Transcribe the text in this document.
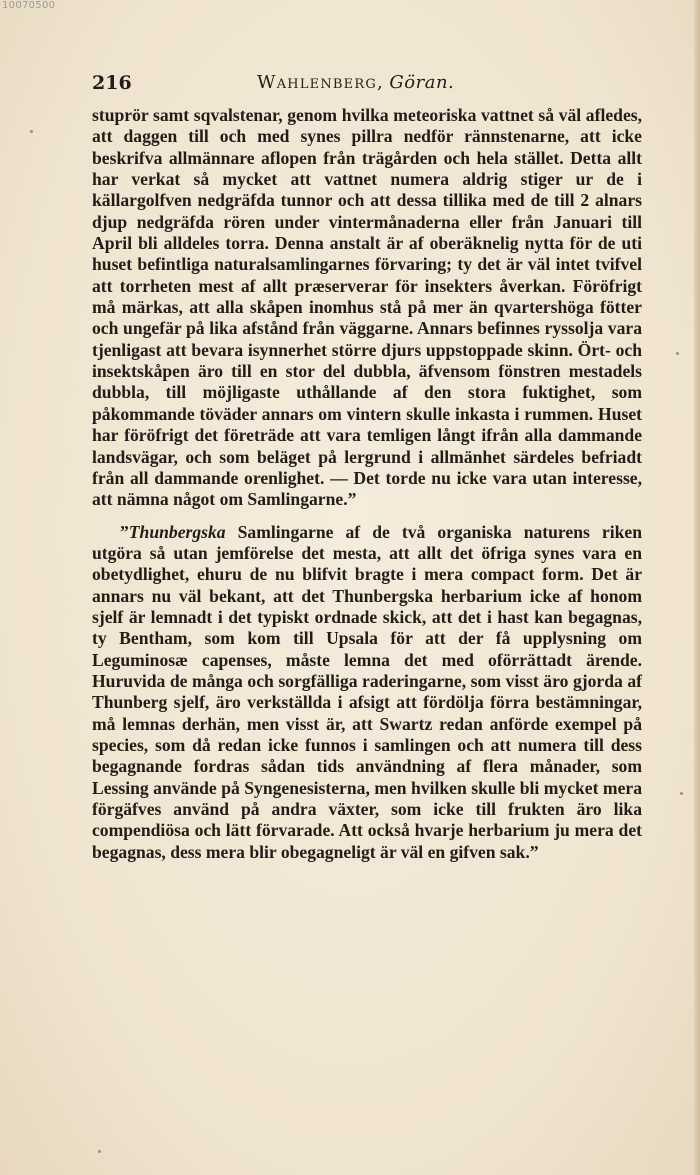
10070500
216	Wahlenberg, Göran.

stuprör samt sqvalstenar, genom hvilka meteoriska vattnet så väl afledes, att daggen till och med synes pillra nedför rännstenarne, att icke beskrifva allmännare aflopen från trägården och hela stället. Detta allt har verkat så mycket att vattnet numera aldrig stiger ur de i källargolfven nedgräfda tunnor och att dessa tillika med de till 2 alnars djup nedgräfda rören under vintermånaderna eller från Januari till April bli alldeles torra. Denna anstalt är af oberäknelig nytta för de uti huset befintliga naturalsamlingarnes förvaring; ty det är väl intet tvifvel att torrheten mest af allt præserverar för insekters åverkan. Föröfrigt må märkas, att alla skåpen inomhus stå på mer än qvartershöga fötter och ungefär på lika afstånd från väggarne. Annars befinnes ryssolja vara tjenligast att bevara isynnerhet större djurs uppstoppade skinn. Ört- och insektskåpen äro till en stor del dubbla, äfvensom fönstren mestadels dubbla, till möjligaste uthållande af den stora fuktighet, som påkommande töväder annars om vintern skulle inkasta i rummen. Huset har föröfrigt det företräde att vara temligen långt ifrån alla dammande landsvägar, och som beläget på lergrund i allmänhet särdeles befriadt från all dammande orenlighet. — Det torde nu icke vara utan interesse, att nämna något om Samlingarne.”

”Thunbergska Samlingarne af de två organiska naturens riken utgöra så utan jemförelse det mesta, att allt det öfriga synes vara en obetydlighet, ehuru de nu blifvit bragte i mera compact form. Det är annars nu väl bekant, att det Thunbergska herbarium icke af honom sjelf är lemnadt i det typiskt ordnade skick, att det i hast kan begagnas, ty Bentham, som kom till Upsala för att der få upplysning om Leguminosæ capenses, måste lemna det med oförrättadt ärende. Huruvida de många och sorgfälliga raderingarne, som visst äro gjorda af Thunberg sjelf, äro verkställda i afsigt att fördölja förra bestämningar, må lemnas derhän, men visst är, att Swartz redan anförde exempel på species, som då redan icke funnos i samlingen och att numera till dess begagnande fordras sådan tids användning af flera månader, som Lessing använde på Syngenesisterna, men hvilken skulle bli mycket mera förgäfves använd på andra växter, som icke till frukten äro lika compendiösa och lätt förvarade. Att också hvarje herbarium ju mera det begagnas, dess mera blir obegagneligt är väl en gifven sak.”
